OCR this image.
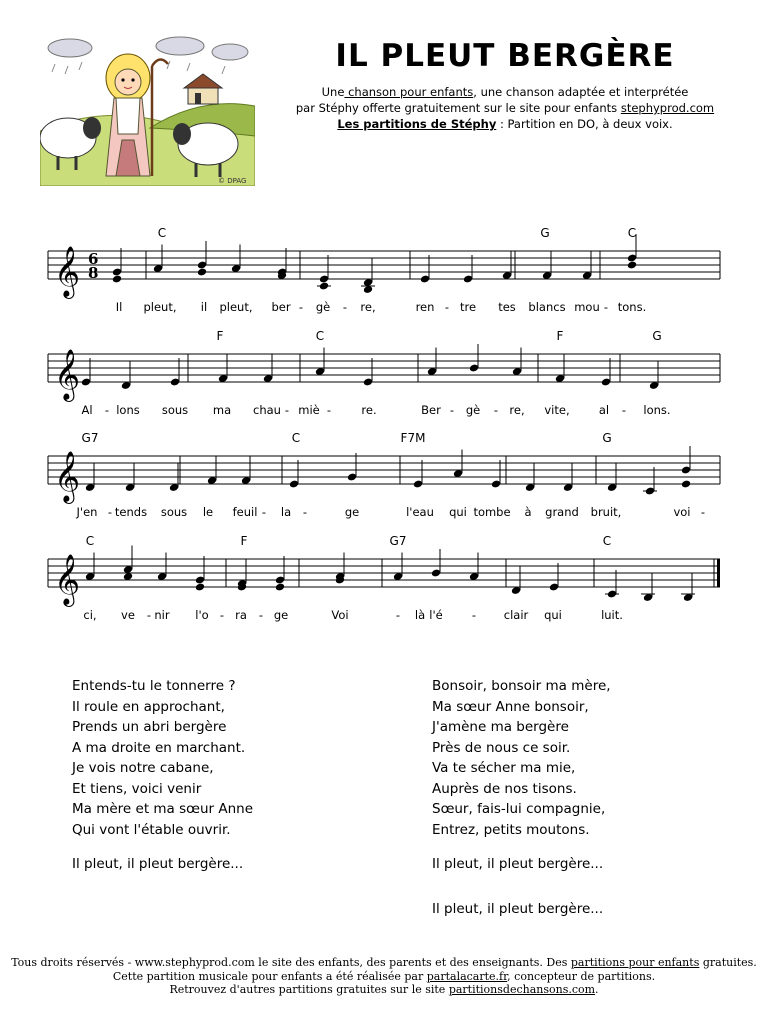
© DPAG
IL PLEUT BERGÈRE
Une chanson pour enfants, une chanson adaptée et interprétée
par Stéphy offerte gratuitement sur le site pour enfants stephyprod.com
Les partitions de Stéphy : Partition en DO, à deux voix.
𝄞 6
8
C	G	C
Il pleut, il pleut, ber - gè - re,	ren - tre tes blancs mou - tons.
𝄞
F	C	F	G
Al - lons sous ma chau - miè -	re.	Ber - gè - re, vite,	al - lons.
𝄞
G7	C	F7M	G
J'en - tends sous le feuil - la -	ge	l'eau qui tombe à grand bruit,	voi -
𝄞
C	F	G7	C
ci, ve - nir l'o - ra - ge	Voi	- là l'é	- clair qui	luit.
Entends-tu le tonnerre ?
Il roule en approchant,
Prends un abri bergère
A ma droite en marchant.
Je vois notre cabane,
Et tiens, voici venir
Ma mère et ma sœur Anne
Qui vont l'étable ouvrir.
Il pleut, il pleut bergère...
Bonsoir, bonsoir ma mère,
Ma sœur Anne bonsoir,
J'amène ma bergère
Près de nous ce soir.
Va te sécher ma mie,
Auprès de nos tisons.
Sœur, fais-lui compagnie,
Entrez, petits moutons.
Il pleut, il pleut bergère...
Il pleut, il pleut bergère...
Tous droits réservés - www.stephyprod.com le site des enfants, des parents et des enseignants. Des partitions pour enfants gratuites.
Cette partition musicale pour enfants a été réalisée par partalacarte.fr, concepteur de partitions.
Retrouvez d'autres partitions gratuites sur le site partitionsdechansons.com.
